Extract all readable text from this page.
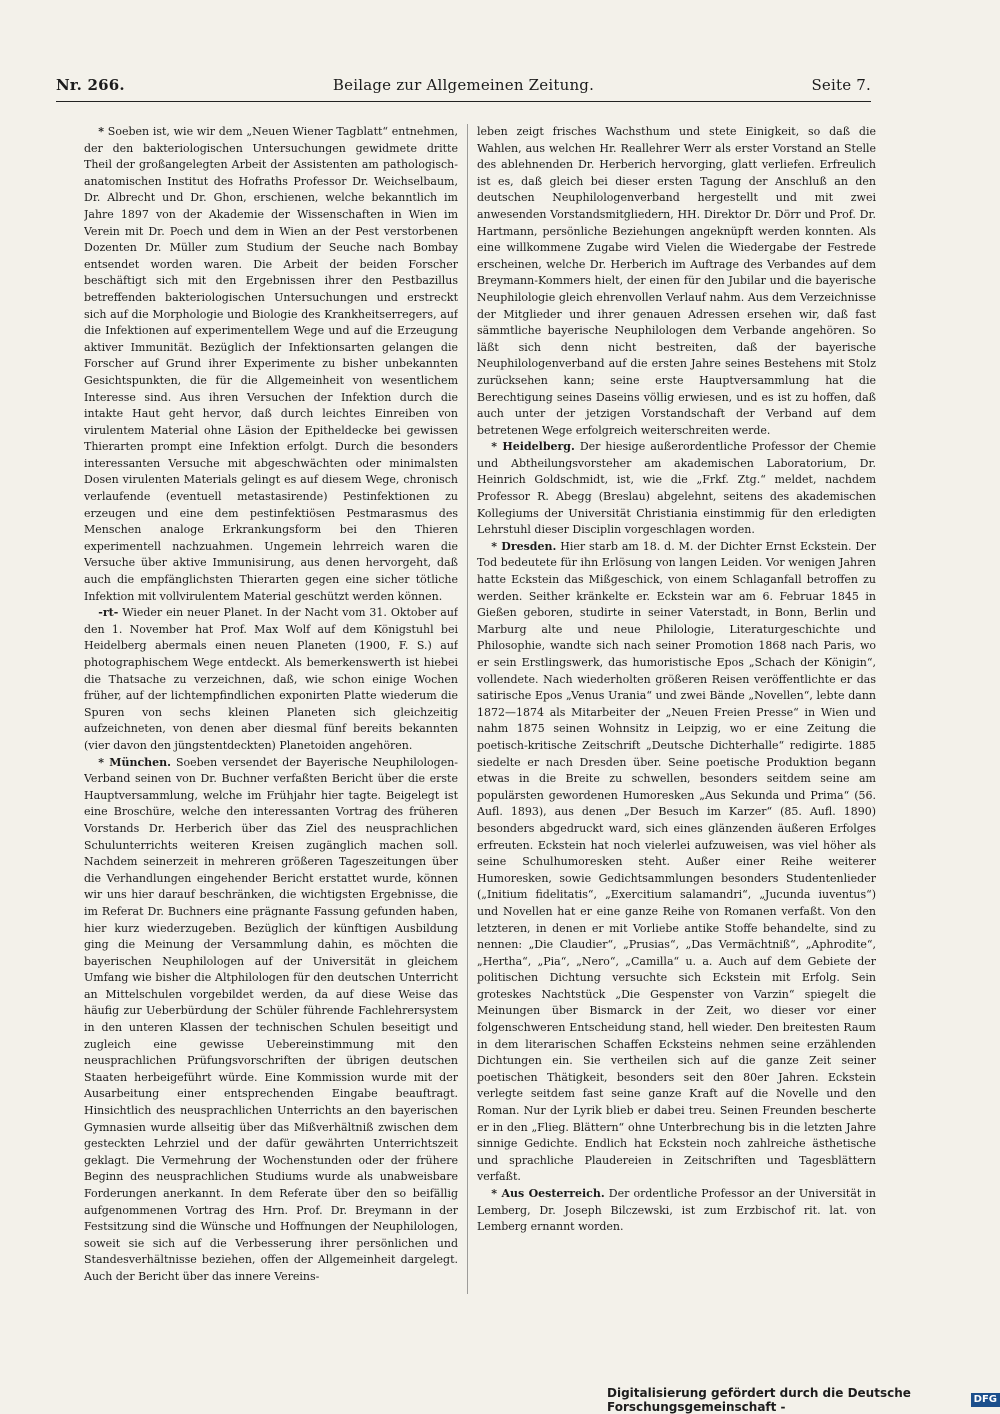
Nr. 266.	Beilage zur Allgemeinen Zeitung.	Seite 7.

* Soeben ist, wie wir dem „Neuen Wiener Tagblatt“ entnehmen, der den bakteriologischen Untersuchungen gewidmete dritte Theil der großangelegten Arbeit der Assistenten am pathologisch-anatomischen Institut des Hofraths Professor Dr. Weichselbaum, Dr. Albrecht und Dr. Ghon, erschienen, welche bekanntlich im Jahre 1897 von der Akademie der Wissenschaften in Wien im Verein mit Dr. Poech und dem in Wien an der Pest verstorbenen Dozenten Dr. Müller zum Studium der Seuche nach Bombay entsendet worden waren. Die Arbeit der beiden Forscher beschäftigt sich mit den Ergebnissen ihrer den Pestbazillus betreffenden bakteriologischen Untersuchungen und erstreckt sich auf die Morphologie und Biologie des Krankheitserregers, auf die Infektionen auf experimentellem Wege und auf die Erzeugung aktiver Immunität. Bezüglich der Infektionsarten gelangen die Forscher auf Grund ihrer Experimente zu bisher unbekannten Gesichtspunkten, die für die Allgemeinheit von wesentlichem Interesse sind. Aus ihren Versuchen der Infektion durch die intakte Haut geht hervor, daß durch leichtes Einreiben von virulentem Material ohne Läsion der Epitheldecke bei gewissen Thierarten prompt eine Infektion erfolgt. Durch die besonders interessanten Versuche mit abgeschwächten oder minimalsten Dosen virulenten Materials gelingt es auf diesem Wege, chronisch verlaufende (eventuell metastasirende) Pestinfektionen zu erzeugen und eine dem pestinfektiösen Pestmarasmus des Menschen analoge Erkrankungsform bei den Thieren experimentell nachzuahmen. Ungemein lehrreich waren die Versuche über aktive Immunisirung, aus denen hervorgeht, daß auch die empfänglichsten Thierarten gegen eine sicher tötliche Infektion mit vollvirulentem Material geschützt werden können.

-rt- Wieder ein neuer Planet. In der Nacht vom 31. Oktober auf den 1. November hat Prof. Max Wolf auf dem Königstuhl bei Heidelberg abermals einen neuen Planeten (1900, F. S.) auf photographischem Wege entdeckt. Als bemerkenswerth ist hiebei die Thatsache zu verzeichnen, daß, wie schon einige Wochen früher, auf der lichtempfindlichen exponirten Platte wiederum die Spuren von sechs kleinen Planeten sich gleichzeitig aufzeichneten, von denen aber diesmal fünf bereits bekannten (vier davon den jüngstentdeckten) Planetoiden angehören.

* München. Soeben versendet der Bayerische Neuphilologen-Verband seinen von Dr. Buchner verfaßten Bericht über die erste Hauptversammlung, welche im Frühjahr hier tagte. Beigelegt ist eine Broschüre, welche den interessanten Vortrag des früheren Vorstands Dr. Herberich über das Ziel des neusprachlichen Schulunterrichts weiteren Kreisen zugänglich machen soll. Nachdem seinerzeit in mehreren größeren Tageszeitungen über die Verhandlungen eingehender Bericht erstattet wurde, können wir uns hier darauf beschränken, die wichtigsten Ergebnisse, die im Referat Dr. Buchners eine prägnante Fassung gefunden haben, hier kurz wiederzugeben. Bezüglich der künftigen Ausbildung ging die Meinung der Versammlung dahin, es möchten die bayerischen Neuphilologen auf der Universität in gleichem Umfang wie bisher die Altphilologen für den deutschen Unterricht an Mittelschulen vorgebildet werden, da auf diese Weise das häufig zur Ueberbürdung der Schüler führende Fachlehrersystem in den unteren Klassen der technischen Schulen beseitigt und zugleich eine gewisse Uebereinstimmung mit den neusprachlichen Prüfungsvorschriften der übrigen deutschen Staaten herbeigeführt würde. Eine Kommission wurde mit der Ausarbeitung einer entsprechenden Eingabe beauftragt. Hinsichtlich des neusprachlichen Unterrichts an den bayerischen Gymnasien wurde allseitig über das Mißverhältniß zwischen dem gesteckten Lehrziel und der dafür gewährten Unterrichtszeit geklagt. Die Vermehrung der Wochenstunden oder der frühere Beginn des neusprachlichen Studiums wurde als unabweisbare Forderungen anerkannt. In dem Referate über den so beifällig aufgenommenen Vortrag des Hrn. Prof. Dr. Breymann in der Festsitzung sind die Wünsche und Hoffnungen der Neuphilologen, soweit sie sich auf die Verbesserung ihrer persönlichen und Standesverhältnisse beziehen, offen der Allgemeinheit dargelegt. Auch der Bericht über das innere Vereins-

leben zeigt frisches Wachsthum und stete Einigkeit, so daß die Wahlen, aus welchen Hr. Reallehrer Werr als erster Vorstand an Stelle des ablehnenden Dr. Herberich hervorging, glatt verliefen. Erfreulich ist es, daß gleich bei dieser ersten Tagung der Anschluß an den deutschen Neuphilologenverband hergestellt und mit zwei anwesenden Vorstandsmitgliedern, HH. Direktor Dr. Dörr und Prof. Dr. Hartmann, persönliche Beziehungen angeknüpft werden konnten. Als eine willkommene Zugabe wird Vielen die Wiedergabe der Festrede erscheinen, welche Dr. Herberich im Auftrage des Verbandes auf dem Breymann-Kommers hielt, der einen für den Jubilar und die bayerische Neuphilologie gleich ehrenvollen Verlauf nahm. Aus dem Verzeichnisse der Mitglieder und ihrer genauen Adressen ersehen wir, daß fast sämmtliche bayerische Neuphilologen dem Verbande angehören. So läßt sich denn nicht bestreiten, daß der bayerische Neuphilologenverband auf die ersten Jahre seines Bestehens mit Stolz zurücksehen kann; seine erste Hauptversammlung hat die Berechtigung seines Daseins völlig erwiesen, und es ist zu hoffen, daß auch unter der jetzigen Vorstandschaft der Verband auf dem betretenen Wege erfolgreich weiterschreiten werde.

* Heidelberg. Der hiesige außerordentliche Professor der Chemie und Abtheilungsvorsteher am akademischen Laboratorium, Dr. Heinrich Goldschmidt, ist, wie die „Frkf. Ztg.“ meldet, nachdem Professor R. Abegg (Breslau) abgelehnt, seitens des akademischen Kollegiums der Universität Christiania einstimmig für den erledigten Lehrstuhl dieser Disciplin vorgeschlagen worden.

* Dresden. Hier starb am 18. d. M. der Dichter Ernst Eckstein. Der Tod bedeutete für ihn Erlösung von langen Leiden. Vor wenigen Jahren hatte Eckstein das Mißgeschick, von einem Schlaganfall betroffen zu werden. Seither kränkelte er. Eckstein war am 6. Februar 1845 in Gießen geboren, studirte in seiner Vaterstadt, in Bonn, Berlin und Marburg alte und neue Philologie, Literaturgeschichte und Philosophie, wandte sich nach seiner Promotion 1868 nach Paris, wo er sein Erstlingswerk, das humoristische Epos „Schach der Königin“, vollendete. Nach wiederholten größeren Reisen veröffentlichte er das satirische Epos „Venus Urania“ und zwei Bände „Novellen“, lebte dann 1872—1874 als Mitarbeiter der „Neuen Freien Presse“ in Wien und nahm 1875 seinen Wohnsitz in Leipzig, wo er eine Zeitung die poetisch-kritische Zeitschrift „Deutsche Dichterhalle“ redigirte. 1885 siedelte er nach Dresden über. Seine poetische Produktion begann etwas in die Breite zu schwellen, besonders seitdem seine am populärsten gewordenen Humoresken „Aus Sekunda und Prima“ (56. Aufl. 1893), aus denen „Der Besuch im Karzer“ (85. Aufl. 1890) besonders abgedruckt ward, sich eines glänzenden äußeren Erfolges erfreuten. Eckstein hat noch vielerlei aufzuweisen, was viel höher als seine Schulhumoresken steht. Außer einer Reihe weiterer Humoresken, sowie Gedichtsammlungen besonders Studentenlieder („Initium fidelitatis“, „Exercitium salamandri“, „Jucunda iuventus“) und Novellen hat er eine ganze Reihe von Romanen verfaßt. Von den letzteren, in denen er mit Vorliebe antike Stoffe behandelte, sind zu nennen: „Die Claudier“, „Prusias“, „Das Vermächtniß“, „Aphrodite“, „Hertha“, „Pia“, „Nero“, „Camilla“ u. a. Auch auf dem Gebiete der politischen Dichtung versuchte sich Eckstein mit Erfolg. Sein groteskes Nachtstück „Die Gespenster von Varzin“ spiegelt die Meinungen über Bismarck in der Zeit, wo dieser vor einer folgenschweren Entscheidung stand, hell wieder. Den breitesten Raum in dem literarischen Schaffen Ecksteins nehmen seine erzählenden Dichtungen ein. Sie vertheilen sich auf die ganze Zeit seiner poetischen Thätigkeit, besonders seit den 80er Jahren. Eckstein verlegte seitdem fast seine ganze Kraft auf die Novelle und den Roman. Nur der Lyrik blieb er dabei treu. Seinen Freunden bescherte er in den „Flieg. Blättern“ ohne Unterbrechung bis in die letzten Jahre sinnige Gedichte. Endlich hat Eckstein noch zahlreiche ästhetische und sprachliche Plaudereien in Zeitschriften und Tagesblättern verfaßt.

* Aus Oesterreich. Der ordentliche Professor an der Universität in Lemberg, Dr. Joseph Bilczewski, ist zum Erzbischof rit. lat. von Lemberg ernannt worden.

Digitalisierung gefördert durch die Deutsche Forschungsgemeinschaft -
DFG
